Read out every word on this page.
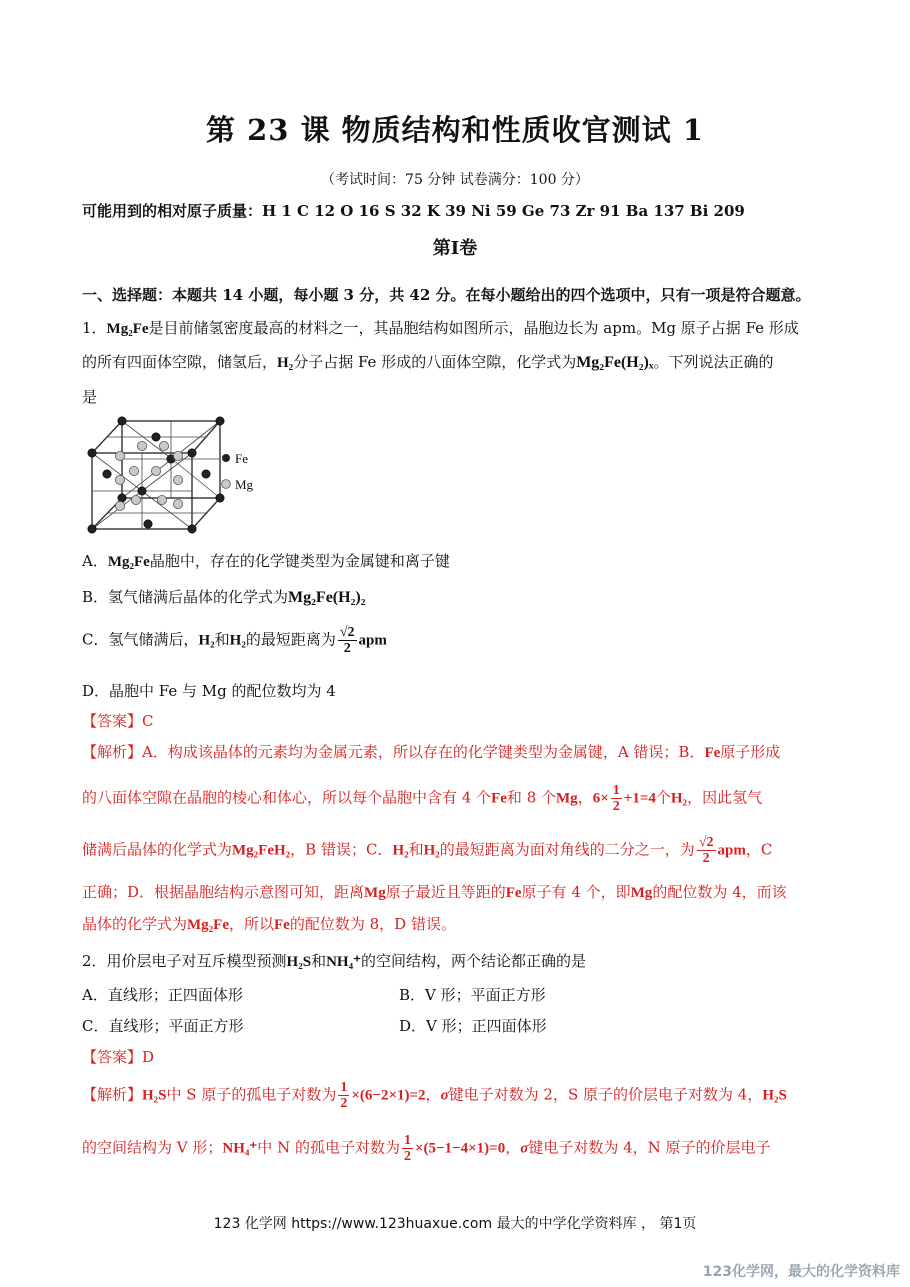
第 23 课 物质结构和性质收官测试 1
（考试时间：75 分钟 试卷满分：100 分）
可能用到的相对原子质量：H 1 C 12 O 16 S 32 K 39 Ni 59 Ge 73 Zr 91 Ba 137 Bi 209
第Ⅰ卷
一、选择题：本题共 14 小题，每小题 3 分，共 42 分。在每小题给出的四个选项中，只有一项是符合题意。
1．Mg₂Fe是目前储氢密度最高的材料之一，其晶胞结构如图所示，晶胞边长为 apm。Mg 原子占据 Fe 形成
的所有四面体空隙，储氢后，H₂分子占据 Fe 形成的八面体空隙，化学式为Mg₂Fe(H₂)ₓ。下列说法正确的
是
Fe
Mg
A．Mg₂Fe晶胞中，存在的化学键类型为金属键和离子键
B．氢气储满后晶体的化学式为Mg₂Fe(H₂)₂
C．氢气储满后，H₂和H₂的最短距离为 $\frac{√2}{2}$ apm
D．晶胞中 Fe 与 Mg 的配位数均为 4
【答案】C
【解析】A．构成该晶体的元素均为金属元素，所以存在的化学键类型为金属键，A 错误；B．Fe原子形成
的八面体空隙在晶胞的棱心和体心，所以每个晶胞中含有 4 个Fe和 8 个Mg，$6\times \frac{1}{2} +1=4$个H₂，因此氢气
储满后晶体的化学式为Mg₂FeH₂，B 错误；C．H₂和H₂的最短距离为面对角线的二分之一，为 $\frac{√2}{2}$ apm，C
正确；D．根据晶胞结构示意图可知，距离Mg原子最近且等距的Fe原子有 4 个，即Mg的配位数为 4，而该
晶体的化学式为Mg₂Fe，所以Fe的配位数为 8，D 错误。
2．用价层电子对互斥模型预测H₂S和NH₄⁺的空间结构，两个结论都正确的是
A．直线形；正四面体形	B．V 形；平面正方形
C．直线形；平面正方形	D．V 形；正四面体形
【答案】D
【解析】H₂S中 S 原子的孤电子对数为 $\frac{1}{2} \times(6-2\times 1)=2$，σ键电子对数为 2，S 原子的价层电子对数为 4，H₂S
的空间结构为 V 形；NH₄⁺中 N 的孤电子对数为 $\frac{1}{2} \times(5-1-4\times 1)=0$，σ键电子对数为 4，N 原子的价层电子
123 化学网 https://www.123huaxue.com 最大的中学化学资料库 ， 第1页
123化学网，最大的化学资料库
